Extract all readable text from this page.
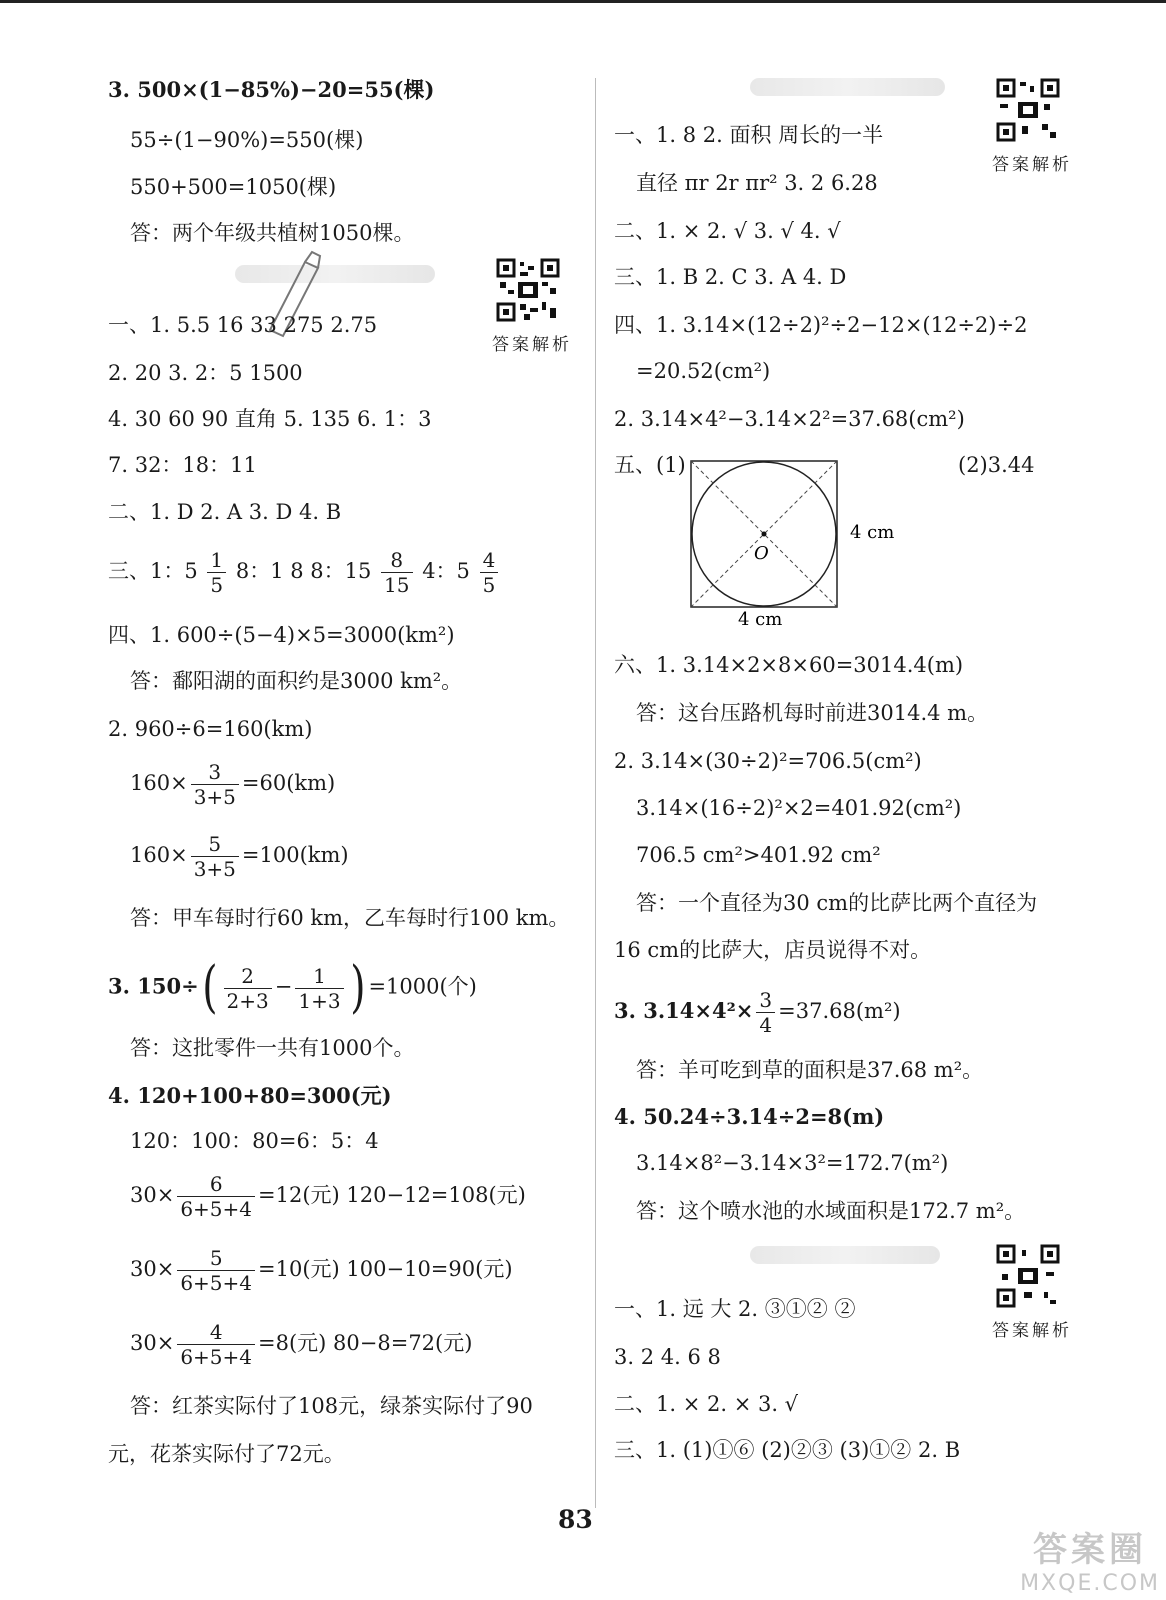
3. 500×(1−85%)−20=55(棵)
55÷(1−90%)=550(棵)
550+500=1050(棵)
答：两个年级共植树1050棵。
答案解析
一、1. 5.5 16 33 275 2.75
2. 20 3. 2：5 1500
4. 30 60 90 直角 5. 135 6. 1：3
7. 32：18：11
二、1. D 2. A 3. D 4. B
三、1：$5 \frac{1}{5} 8$：1 8 8：$15 \frac{8}{15} 4$：$5 \frac{4}{5}$
四、1. 600÷(5−4)×5=3000(km²)
答：鄱阳湖的面积约是3000 km²。
2. 960÷6=160(km)
$160\times \frac{3}{3+5} =60(km)$
$160\times \frac{5}{3+5} =100(km)$
答：甲车每时行60 km，乙车每时行100 km。
3. $150\div( \frac{2}{2+3} - \frac{1}{1+3}$ ) =1000(个)
答：这批零件一共有1000个。
4. 120+100+80=300(元)
120：100：80=6：5：4
$30\times \frac{6}{6+5+4} =12$(元) 120−12=108(元)
$30\times \frac{5}{6+5+4} =10$(元) 100−10=90(元)
$30\times \frac{4}{6+5+4} =8$(元) 80−8=72(元)
答：红茶实际付了108元，绿茶实际付了90
元，花茶实际付了72元。
答案解析
一、1. 8 2. 面积 周长的一半
直径 πr 2r πr² 3. 2 6.28
二、1. × 2. √ 3. √ 4. √
三、1. B 2. C 3. A 4. D
四、1. 3.14×(12÷2)²÷2−12×(12÷2)÷2
=20.52(cm²)
2. 3.14×4²−3.14×2²=37.68(cm²)
五、(1)	(2)3.44
O
4 cm
4 cm
六、1. 3.14×2×8×60=3014.4(m)
答：这台压路机每时前进3014.4 m。
2. 3.14×(30÷2)²=706.5(cm²)
3.14×(16÷2)²×2=401.92(cm²)
706.5 cm²>401.92 cm²
答：一个直径为30 cm的比萨比两个直径为
16 cm的比萨大，店员说得不对。
3. $3.14\times 4^2\times \frac{3}{4} =37.68(m^2)$
答：羊可吃到草的面积是37.68 m²。
4. 50.24÷3.14÷2=8(m)
3.14×8²−3.14×3²=172.7(m²)
答：这个喷水池的水域面积是172.7 m²。
答案解析
一、1. 远 大 2. ③①② ②
3. 2 4. 6 8
二、1. × 2. × 3. √
三、1. (1)①⑥ (2)②③ (3)①② 2. B
83
答案圈
MXQE.COM
